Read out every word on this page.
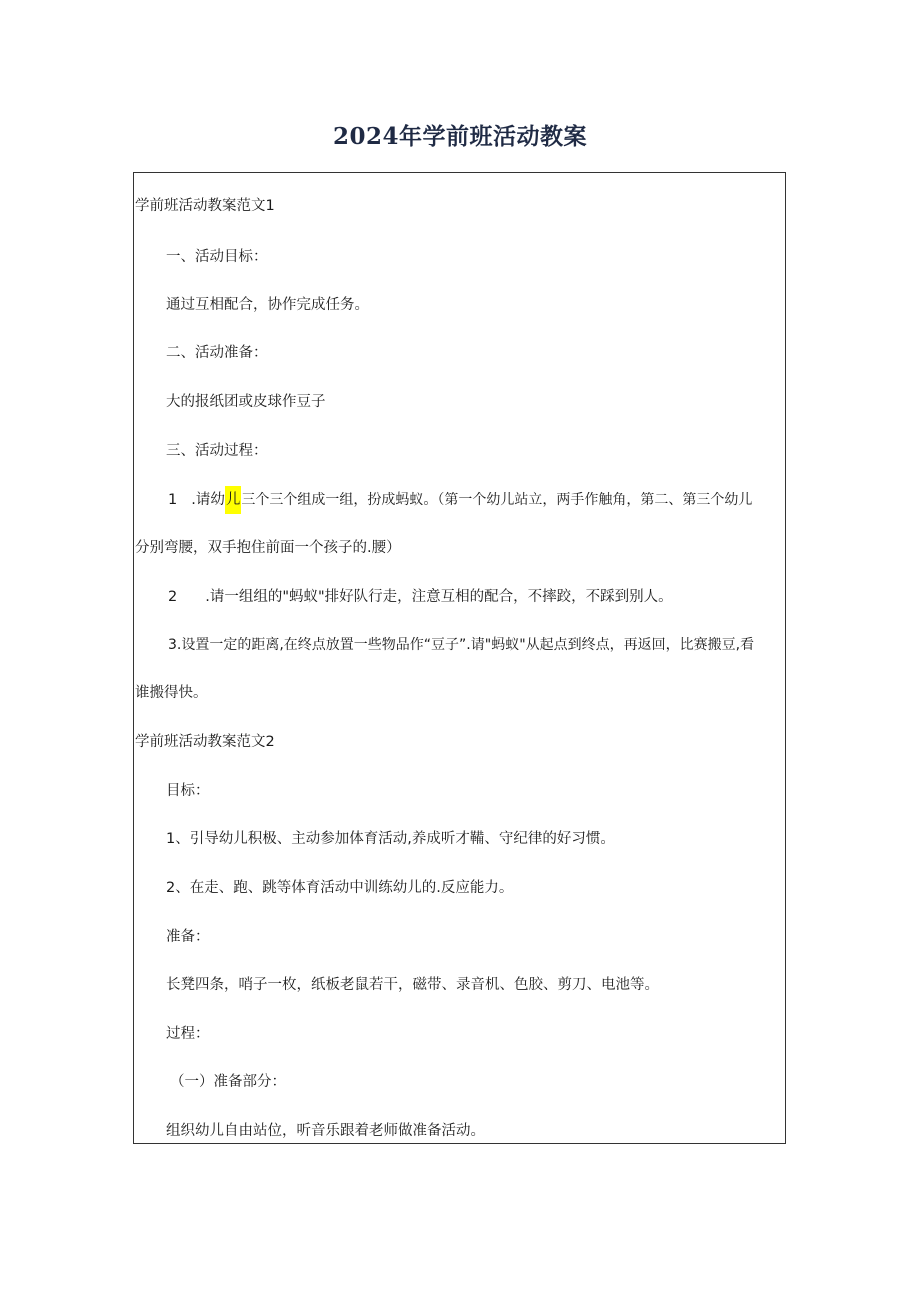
2024年学前班活动教案
学前班活动教案范文1
一、活动目标：
通过互相配合，协作完成任务。
二、活动准备：
大的报纸团或皮球作豆子
三、活动过程：
1 .请幼儿三个三个组成一组，扮成蚂蚁。（第一个幼儿站立，两手作触角，第二、第三个幼儿
分别弯腰，双手抱住前面一个孩子的.腰）
2 .请一组组的"蚂蚁"排好队行走，注意互相的配合，不摔跤，不踩到别人。
3.设置一定的距离,在终点放置一些物品作“豆子”.请"蚂蚁"从起点到终点，再返回，比赛搬豆,看
谁搬得快。
学前班活动教案范文2
目标：
1、引导幼儿积极、主动参加体育活动,养成听才鞴、守纪律的好习惯。
2、在走、跑、跳等体育活动中训练幼儿的.反应能力。
准备：
长凳四条，哨子一枚，纸板老鼠若干，磁带、录音机、色胶、剪刀、电池等。
过程：
（一）准备部分：
组织幼儿自由站位，听音乐跟着老师做准备活动。
